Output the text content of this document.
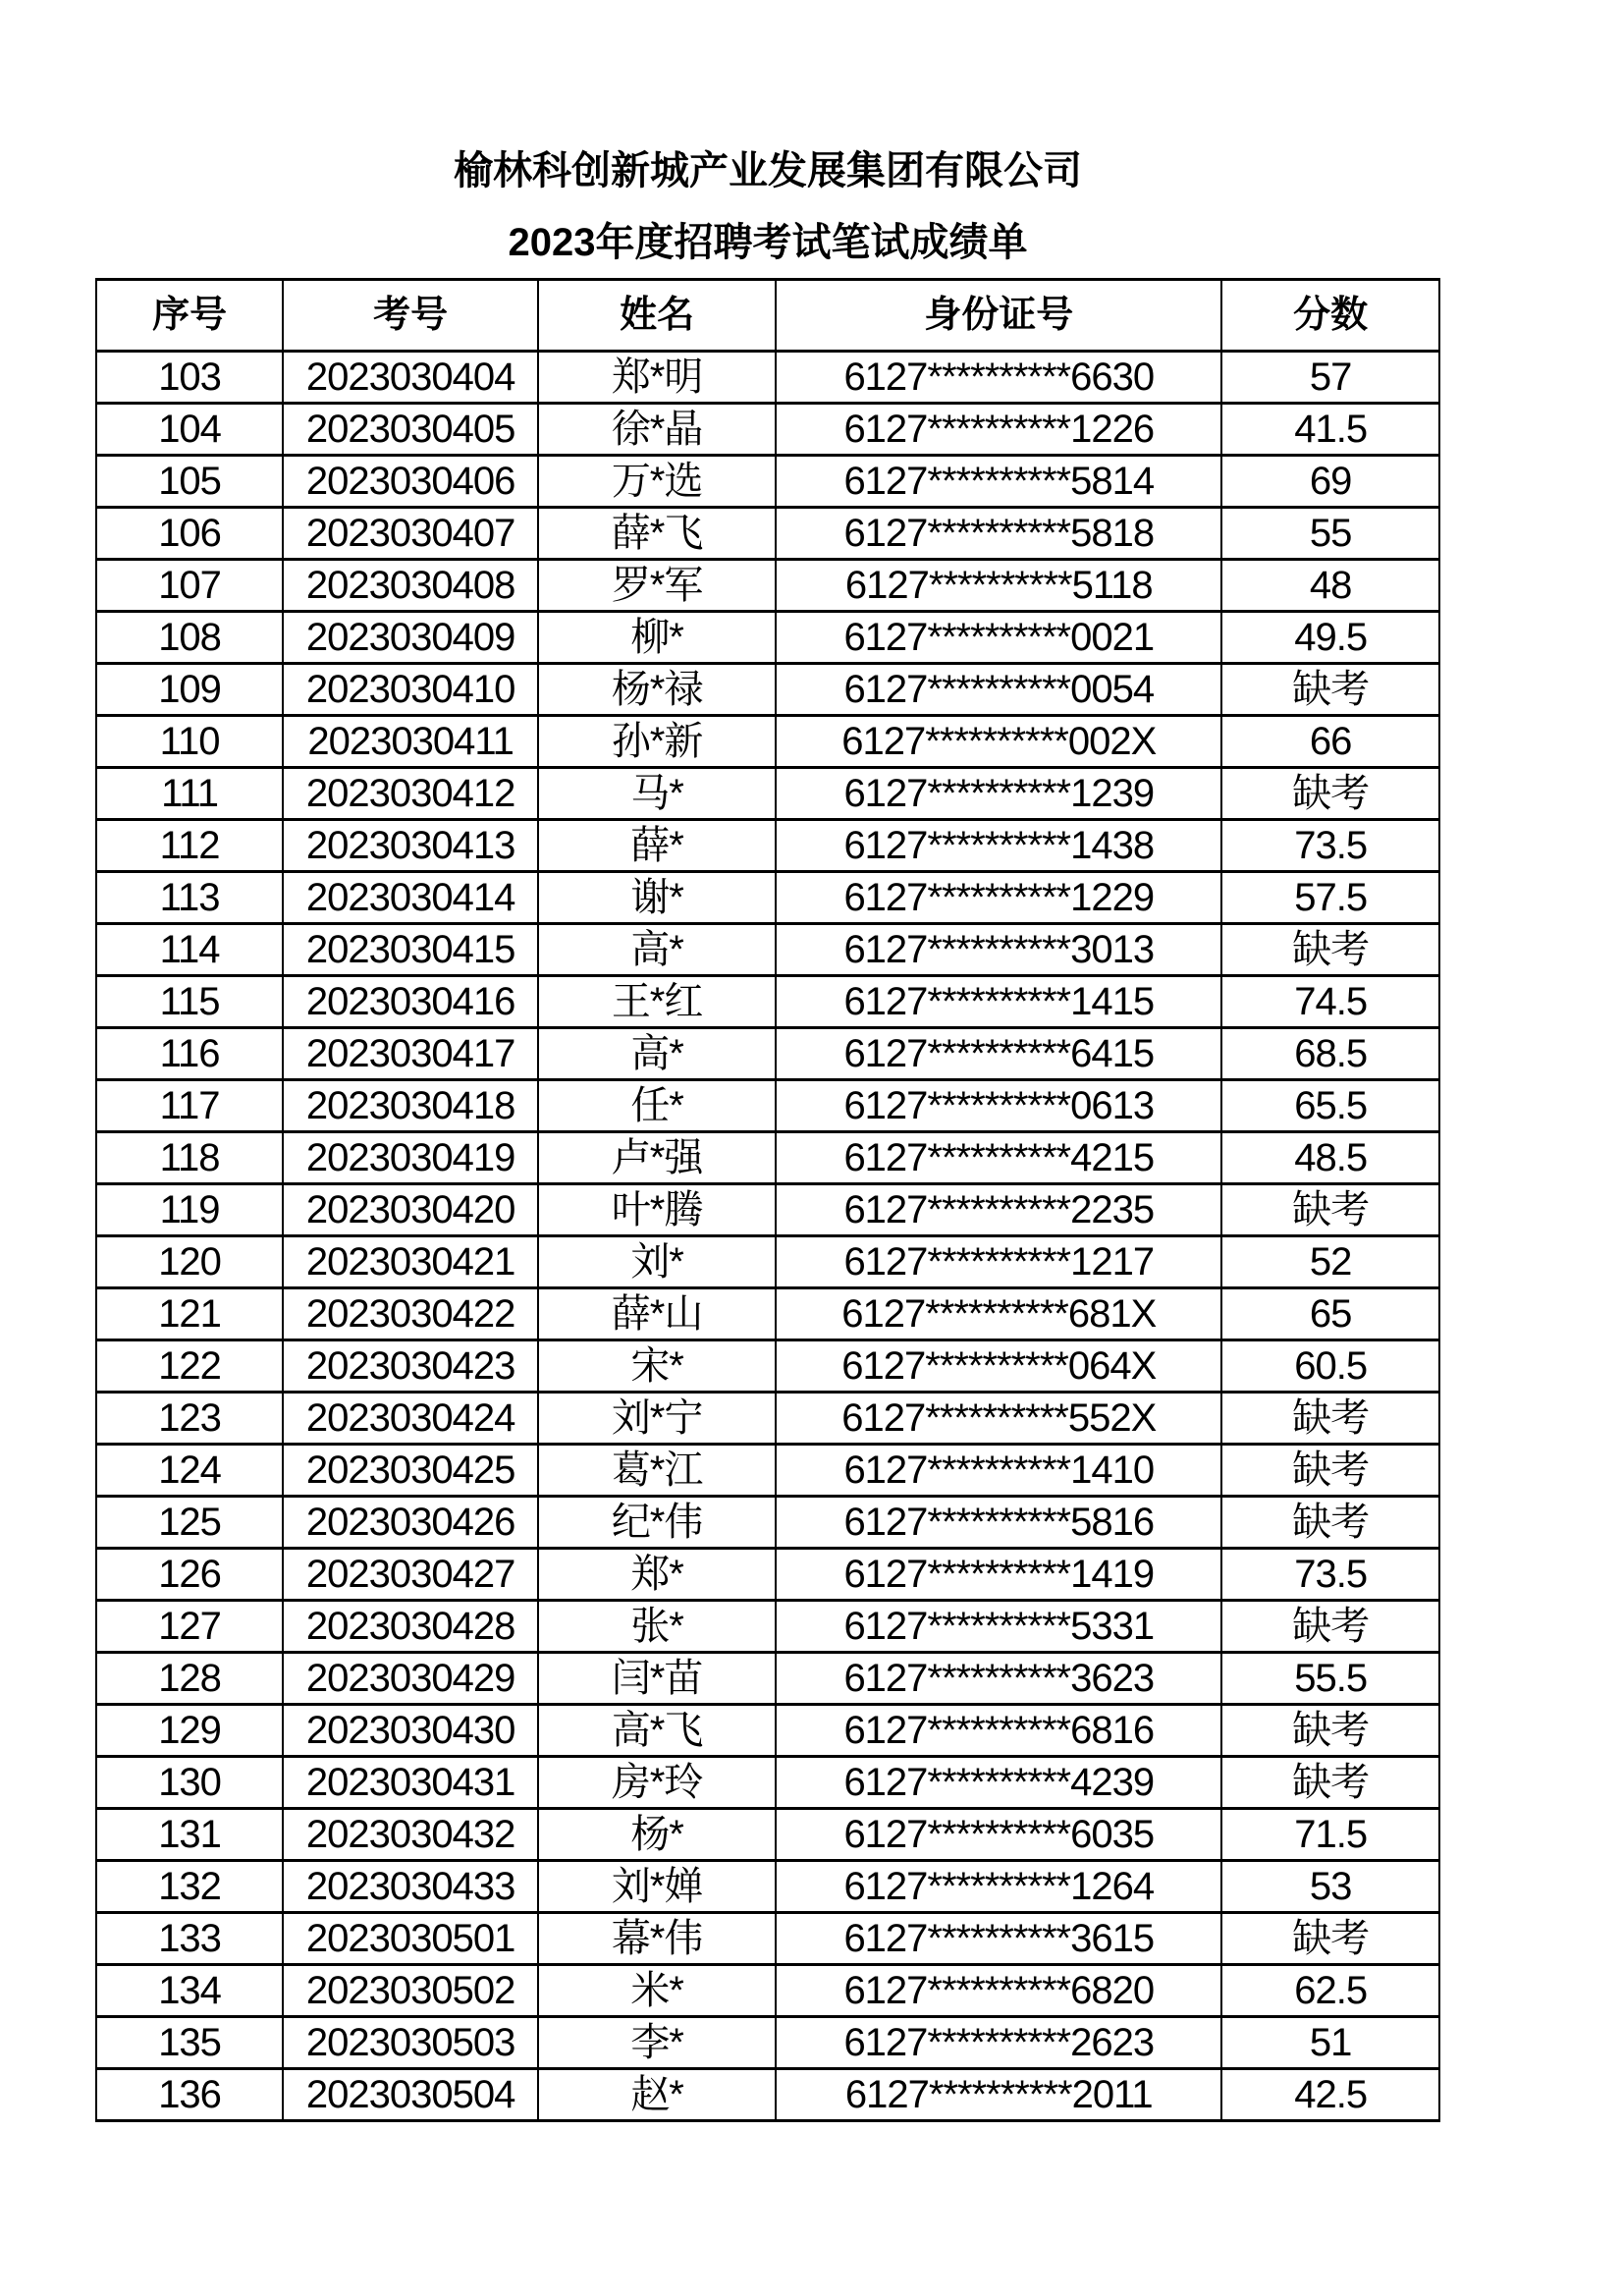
榆林科创新城产业发展集团有限公司
2023年度招聘考试笔试成绩单
序号	考号	姓名	身份证号	分数
103	2023030404	郑*明	6127**********6630	57
104	2023030405	徐*晶	6127**********1226	41.5
105	2023030406	万*选	6127**********5814	69
106	2023030407	薛*飞	6127**********5818	55
107	2023030408	罗*军	6127**********5118	48
108	2023030409	柳*	6127**********0021	49.5
109	2023030410	杨*禄	6127**********0054	缺考
110	2023030411	孙*新	6127**********002X	66
111	2023030412	马*	6127**********1239	缺考
112	2023030413	薛*	6127**********1438	73.5
113	2023030414	谢*	6127**********1229	57.5
114	2023030415	高*	6127**********3013	缺考
115	2023030416	王*红	6127**********1415	74.5
116	2023030417	高*	6127**********6415	68.5
117	2023030418	任*	6127**********0613	65.5
118	2023030419	卢*强	6127**********4215	48.5
119	2023030420	叶*腾	6127**********2235	缺考
120	2023030421	刘*	6127**********1217	52
121	2023030422	薛*山	6127**********681X	65
122	2023030423	宋*	6127**********064X	60.5
123	2023030424	刘*宁	6127**********552X	缺考
124	2023030425	葛*江	6127**********1410	缺考
125	2023030426	纪*伟	6127**********5816	缺考
126	2023030427	郑*	6127**********1419	73.5
127	2023030428	张*	6127**********5331	缺考
128	2023030429	闫*苗	6127**********3623	55.5
129	2023030430	高*飞	6127**********6816	缺考
130	2023030431	房*玲	6127**********4239	缺考
131	2023030432	杨*	6127**********6035	71.5
132	2023030433	刘*婵	6127**********1264	53
133	2023030501	幕*伟	6127**********3615	缺考
134	2023030502	米*	6127**********6820	62.5
135	2023030503	李*	6127**********2623	51
136	2023030504	赵*	6127**********2011	42.5
